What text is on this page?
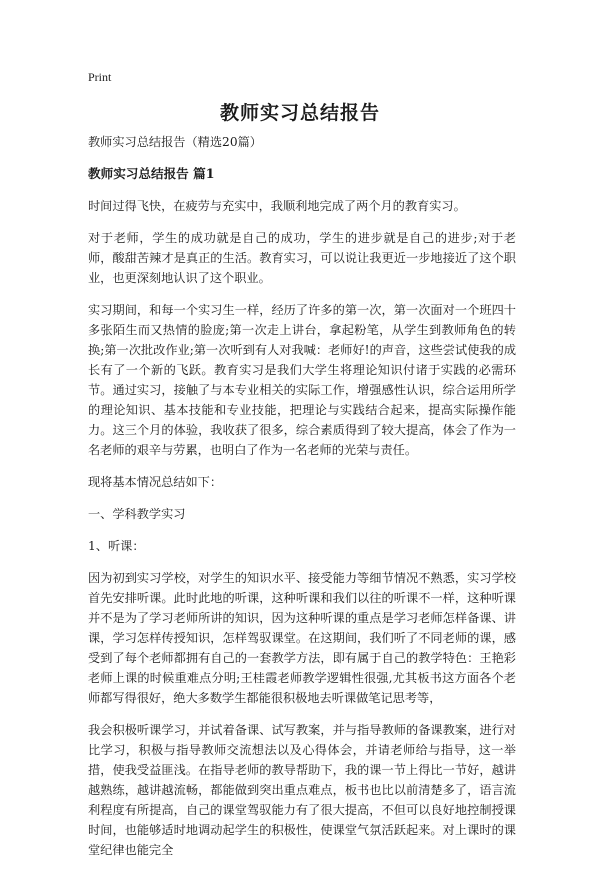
Print
教师实习总结报告

教师实习总结报告（精选20篇）

教师实习总结报告 篇1

时间过得飞快，在疲劳与充实中，我顺利地完成了两个月的教育实习。

对于老师，学生的成功就是自己的成功，学生的进步就是自己的进步;对于老师，酸甜苦辣才是真正的生活。教育实习，可以说让我更近一步地接近了这个职业，也更深刻地认识了这个职业。

实习期间，和每一个实习生一样，经历了许多的第一次，第一次面对一个班四十多张陌生而又热情的脸庞;第一次走上讲台，拿起粉笔，从学生到教师角色的转换;第一次批改作业;第一次听到有人对我喊：老师好!的声音，这些尝试使我的成长有了一个新的飞跃。教育实习是我们大学生将理论知识付诸于实践的必需环节。通过实习，接触了与本专业相关的实际工作，增强感性认识，综合运用所学的理论知识、基本技能和专业技能，把理论与实践结合起来，提高实际操作能力。这三个月的体验，我收获了很多，综合素质得到了较大提高，体会了作为一名老师的艰辛与劳累，也明白了作为一名老师的光荣与责任。

现将基本情况总结如下：

一、学科教学实习

1、听课：

因为初到实习学校，对学生的知识水平、接受能力等细节情况不熟悉，实习学校首先安排听课。此时此地的听课，这种听课和我们以往的听课不一样，这种听课并不是为了学习老师所讲的知识，因为这种听课的重点是学习老师怎样备课、讲课，学习怎样传授知识，怎样驾驭课堂。在这期间，我们听了不同老师的课，感受到了每个老师都拥有自己的一套教学方法，即有属于自己的教学特色：王艳彩老师上课的时候重难点分明;王桂霞老师教学逻辑性很强,尤其板书这方面各个老师都写得很好，绝大多数学生都能很积极地去听课做笔记思考等，

我会积极听课学习，并试着备课、试写教案，并与指导教师的备课教案，进行对比学习，积极与指导教师交流想法以及心得体会，并请老师给与指导，这一举措，使我受益匪浅。在指导老师的教导帮助下，我的课一节上得比一节好，越讲越熟练，越讲越流畅，都能做到突出重点难点，板书也比以前清楚多了，语言流利程度有所提高，自己的课堂驾驭能力有了很大提高，不但可以良好地控制授课时间，也能够适时地调动起学生的积极性，使课堂气氛活跃起来。对上课时的课堂纪律也能完全
